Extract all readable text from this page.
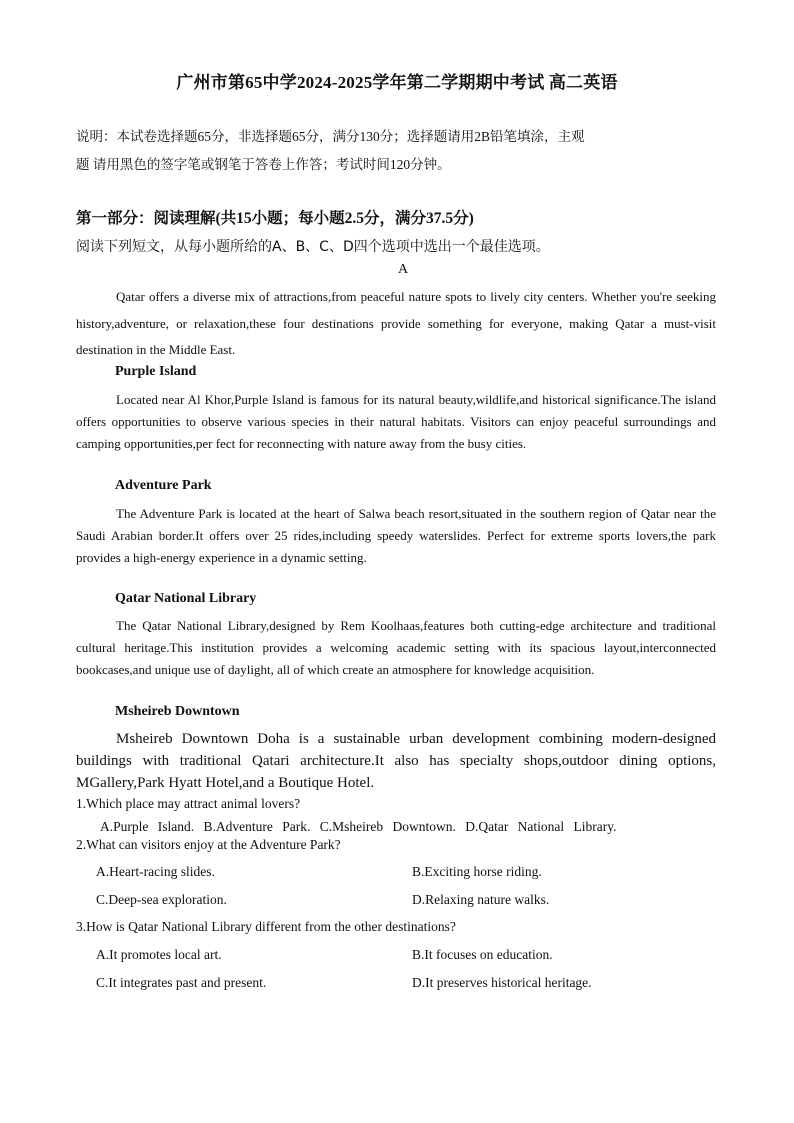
广州市第65中学2024-2025学年第二学期期中考试 高二英语
说明：本试卷选择题65分，非选择题65分，满分130分；选择题请用2B铅笔填涂，主观
题 请用黑色的签字笔或钢笔于答卷上作答；考试时间120分钟。
第一部分：阅读理解(共15小题；每小题2.5分，满分37.5分)
阅读下列短文，从每小题所给的A、B、C、D四个选项中选出一个最佳选项。
A
Qatar offers a diverse mix of attractions,from peaceful nature spots to lively city centers. Whether you're seeking history,adventure, or relaxation,these four destinations provide something for everyone, making Qatar a must-visit destination in the Middle East.
Purple Island
Located near Al Khor,Purple Island is famous for its natural beauty,wildlife,and historical significance.The island offers opportunities to observe various species in their natural habitats. Visitors can enjoy peaceful surroundings and camping opportunities,per fect for reconnecting with nature away from the busy cities.
Adventure Park
The Adventure Park is located at the heart of Salwa beach resort,situated in the southern region of Qatar near the Saudi Arabian border.It offers over 25 rides,including speedy waterslides. Perfect for extreme sports lovers,the park provides a high-energy experience in a dynamic setting.
Qatar National Library
The Qatar National Library,designed by Rem Koolhaas,features both cutting-edge architecture and traditional cultural heritage.This institution provides a welcoming academic setting with its spacious layout,interconnected bookcases,and unique use of daylight, all of which create an atmosphere for knowledge acquisition.
Msheireb Downtown
Msheireb Downtown Doha is a sustainable urban development combining modern-designed buildings with traditional Qatari architecture.It also has specialty shops,outdoor dining options, MGallery,Park Hyatt Hotel,and a Boutique Hotel.
1.Which place may attract animal lovers?
A.Purple Island. B.Adventure Park. C.Msheireb Downtown. D.Qatar National Library.
2.What can visitors enjoy at the Adventure Park?
A.Heart-racing slides.	B.Exciting horse riding.
C.Deep-sea exploration.	D.Relaxing nature walks.
3.How is Qatar National Library different from the other destinations?
A.It promotes local art.	B.It focuses on education.
C.It integrates past and present.	D.It preserves historical heritage.
